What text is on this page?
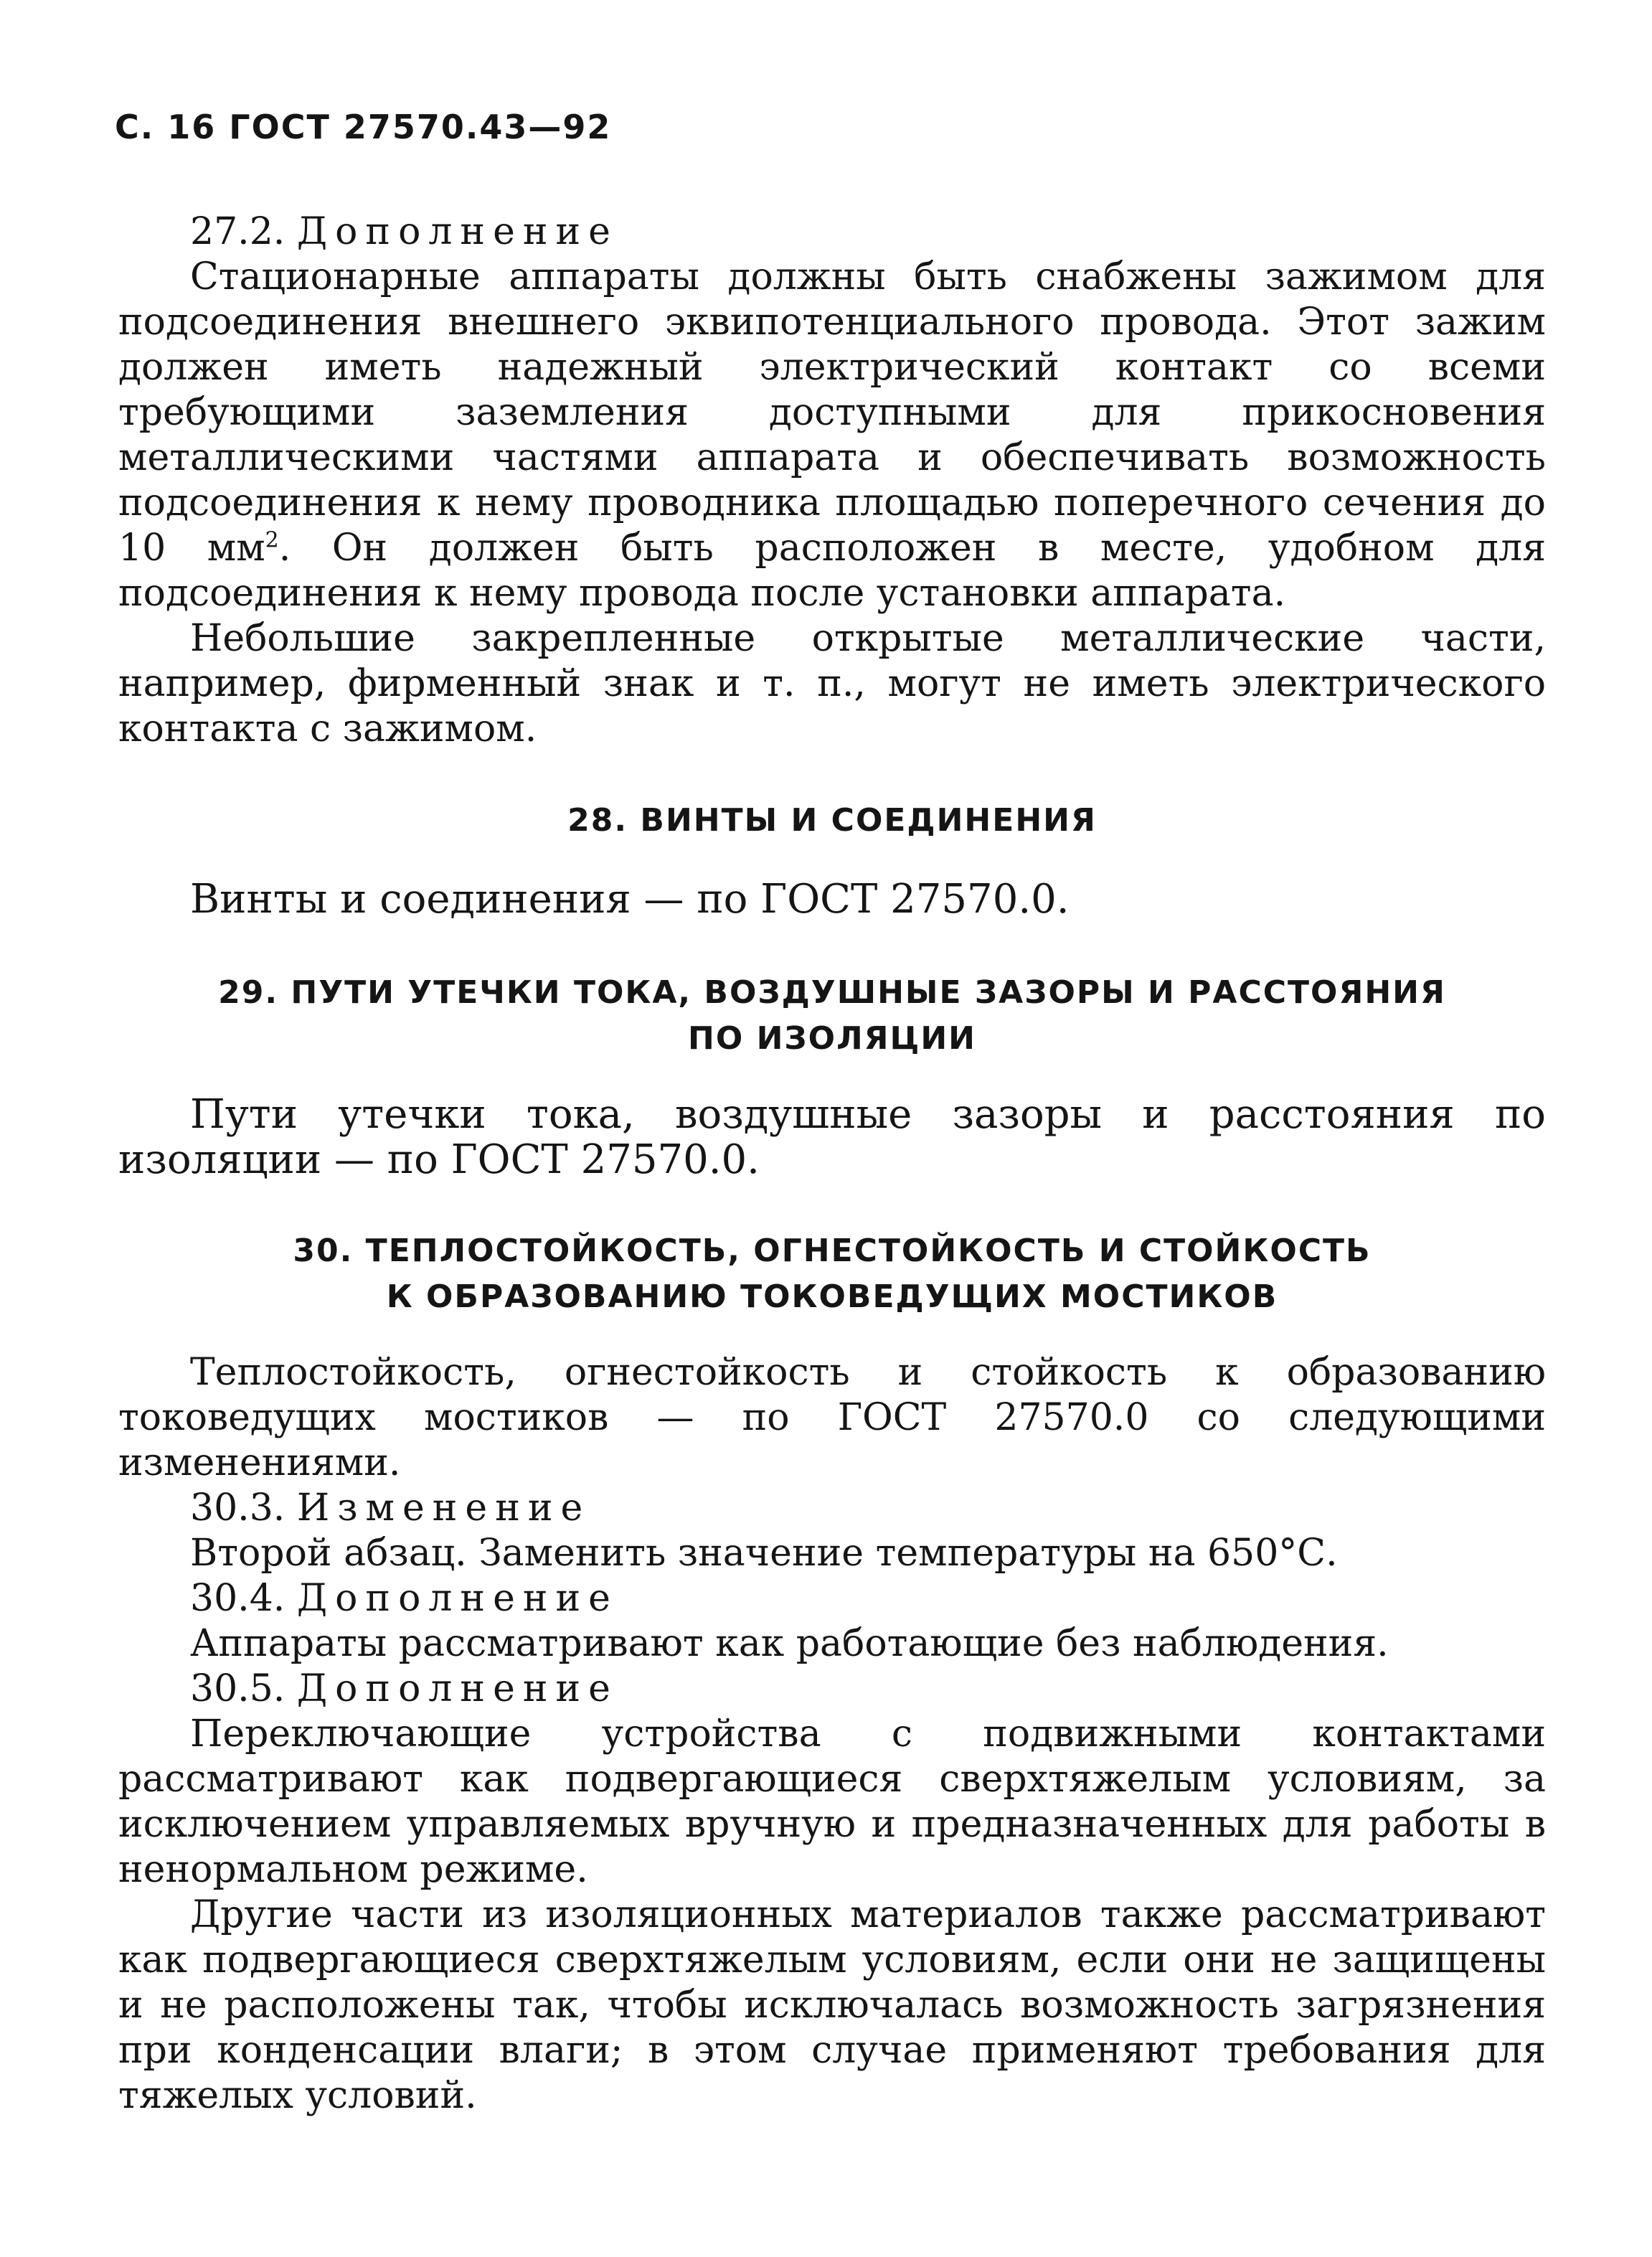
С. 16 ГОСТ 27570.43—92

27.2. Дополнение

Стационарные аппараты должны быть снабжены зажимом для подсоединения внешнего эквипотенциального провода. Этот зажим должен иметь надежный электрический контакт со всеми требующими заземления доступными для прикосновения металлическими частями аппарата и обеспечивать возможность подсоединения к нему проводника площадью поперечного сечения до 10 $мм^2$. Он должен быть расположен в месте, удобном для подсоединения к нему провода после установки аппарата.

Небольшие закрепленные открытые металлические части, например, фирменный знак и т. п., могут не иметь электрического контакта с зажимом.

28. ВИНТЫ И СОЕДИНЕНИЯ

Винты и соединения — по ГОСТ 27570.0.

29. ПУТИ УТЕЧКИ ТОКА, ВОЗДУШНЫЕ ЗАЗОРЫ И РАССТОЯНИЯ

ПО ИЗОЛЯЦИИ

Пути утечки тока, воздушные зазоры и расстояния по изоляции — по ГОСТ 27570.0.

30. ТЕПЛОСТОЙКОСТЬ, ОГНЕСТОЙКОСТЬ И СТОЙКОСТЬ

К ОБРАЗОВАНИЮ ТОКОВЕДУЩИХ МОСТИКОВ

Теплостойкость, огнестойкость и стойкость к образованию токоведущих мостиков — по ГОСТ 27570.0 со следующими изменениями.

30.3. Изменение

Второй абзац. Заменить значение температуры на 650°С.

30.4. Дополнение

Аппараты рассматривают как работающие без наблюдения.

30.5. Дополнение

Переключающие устройства с подвижными контактами рассматривают как подвергающиеся сверхтяжелым условиям, за исключением управляемых вручную и предназначенных для работы в ненормальном режиме.

Другие части из изоляционных материалов также рассматривают как подвергающиеся сверхтяжелым условиям, если они не защищены и не расположены так, чтобы исключалась возможность загрязнения при конденсации влаги; в этом случае применяют требования для тяжелых условий.
